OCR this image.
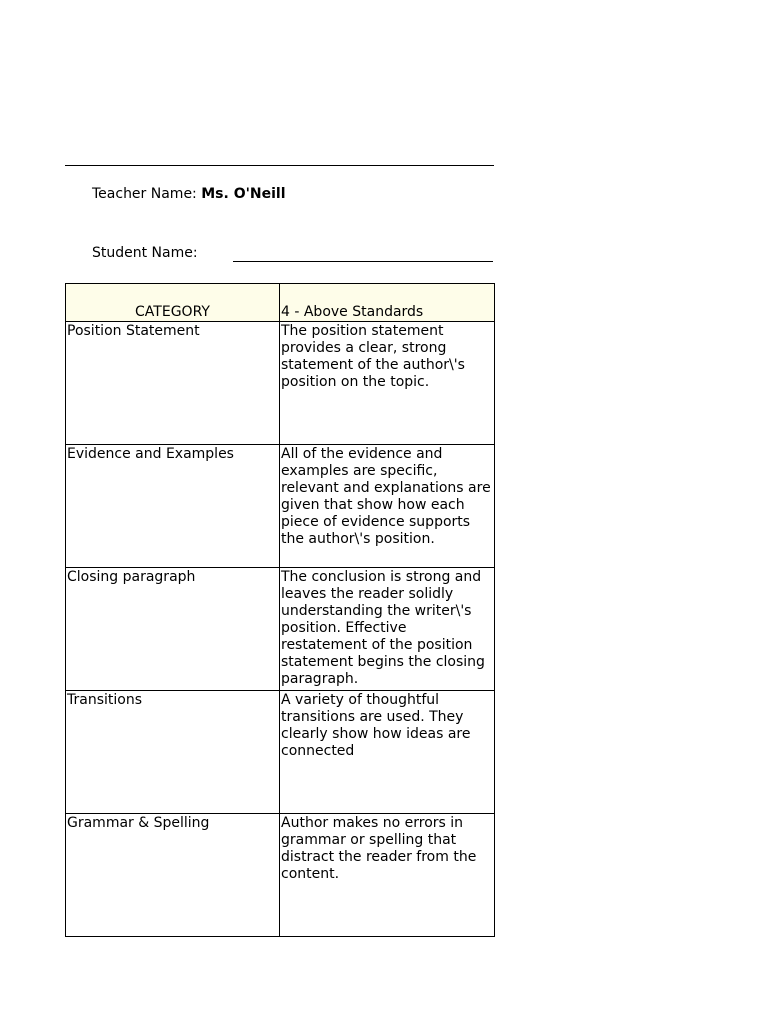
Teacher Name: Ms. O'Neill
Student Name:
CATEGORY	4 - Above Standards
Position Statement	The position statement provides a clear, strong statement of the author\'s position on the topic.
Evidence and Examples	All of the evidence and examples are specific, relevant and explanations are given that show how each piece of evidence supports the author\'s position.
Closing paragraph	The conclusion is strong and leaves the reader solidly understanding the writer\'s position. Effective restatement of the position statement begins the closing paragraph.
Transitions	A variety of thoughtful transitions are used. They clearly show how ideas are connected
Grammar & Spelling	Author makes no errors in grammar or spelling that distract the reader from the content.
